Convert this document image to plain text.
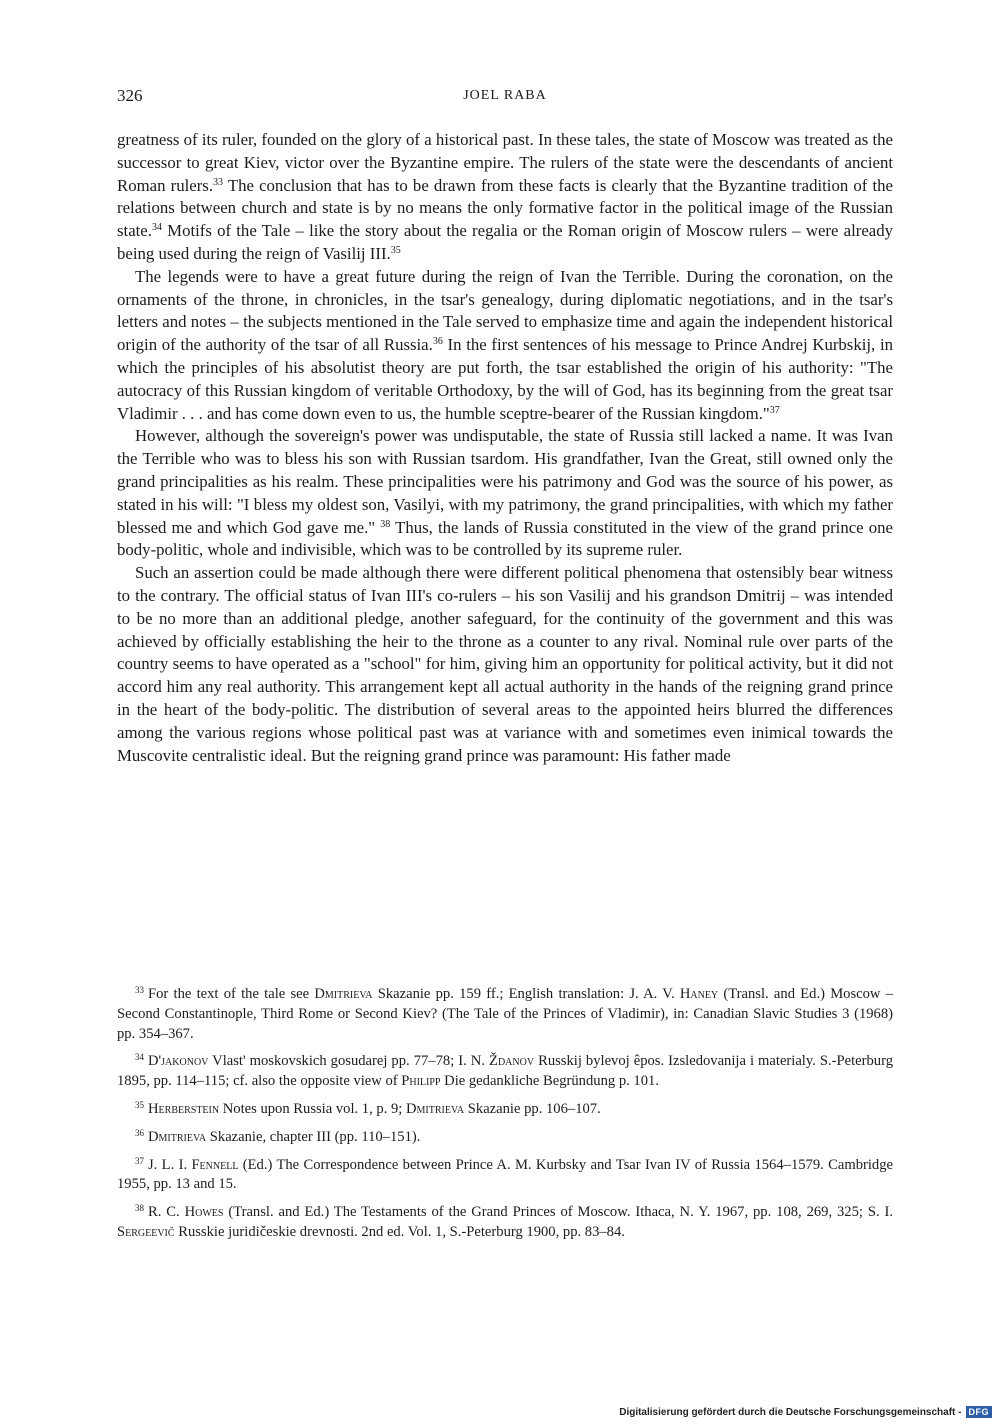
326	JOEL RABA

greatness of its ruler, founded on the glory of a historical past. In these tales, the state of Moscow was treated as the successor to great Kiev, victor over the Byzantine empire. The rulers of the state were the descendants of ancient Roman rulers.$^{33}$ The conclusion that has to be drawn from these facts is clearly that the Byzantine tradition of the relations between church and state is by no means the only formative factor in the political image of the Russian state.$^{34}$ Motifs of the Tale – like the story about the regalia or the Roman origin of Moscow rulers – were already being used during the reign of Vasilij III.$^{35}$

The legends were to have a great future during the reign of Ivan the Terrible. During the coronation, on the ornaments of the throne, in chronicles, in the tsar's genealogy, during diplomatic negotiations, and in the tsar's letters and notes – the subjects mentioned in the Tale served to emphasize time and again the independent historical origin of the authority of the tsar of all Russia.$^{36}$ In the first sentences of his message to Prince Andrej Kurbskij, in which the principles of his absolutist theory are put forth, the tsar established the origin of his authority: "The autocracy of this Russian kingdom of veritable Orthodoxy, by the will of God, has its beginning from the great tsar Vladimir . . . and has come down even to us, the humble sceptre-bearer of the Russian kingdom."$^{37}$

However, although the sovereign's power was undisputable, the state of Russia still lacked a name. It was Ivan the Terrible who was to bless his son with Russian tsardom. His grandfather, Ivan the Great, still owned only the grand principalities as his realm. These principalities were his patrimony and God was the source of his power, as stated in his will: "I bless my oldest son, Vasilyi, with my patrimony, the grand principalities, with which my father blessed me and which God gave me." $^{38}$ Thus, the lands of Russia constituted in the view of the grand prince one body-politic, whole and indivisible, which was to be controlled by its supreme ruler.

Such an assertion could be made although there were different political phenomena that ostensibly bear witness to the contrary. The official status of Ivan III's co-rulers – his son Vasilij and his grandson Dmitrij – was intended to be no more than an additional pledge, another safeguard, for the continuity of the government and this was achieved by officially establishing the heir to the throne as a counter to any rival. Nominal rule over parts of the country seems to have operated as a "school" for him, giving him an opportunity for political activity, but it did not accord him any real authority. This arrangement kept all actual authority in the hands of the reigning grand prince in the heart of the body-politic. The distribution of several areas to the appointed heirs blurred the differences among the various regions whose political past was at variance with and sometimes even inimical towards the Muscovite centralistic ideal. But the reigning grand prince was paramount: His father made

$^{33}$ For the text of the tale see Dmitrieva Skazanie pp. 159 ff.; English translation: J. A. V. Haney (Transl. and Ed.) Moscow – Second Constantinople, Third Rome or Second Kiev? (The Tale of the Princes of Vladimir), in: Canadian Slavic Studies 3 (1968) pp. 354–367.

$^{34}$ D'jakonov Vlast' moskovskich gosudarej pp. 77–78; I. N. Ždanov Russkij bylevoj êpos. Izsledovanija i materialy. S.-Peterburg 1895, pp. 114–115; cf. also the opposite view of Philipp Die gedankliche Begründung p. 101.

$^{35}$ Herberstein Notes upon Russia vol. 1, p. 9; Dmitrieva Skazanie pp. 106–107.

$^{36}$ Dmitrieva Skazanie, chapter III (pp. 110–151).

$^{37}$ J. L. I. Fennell (Ed.) The Correspondence between Prince A. M. Kurbsky and Tsar Ivan IV of Russia 1564–1579. Cambridge 1955, pp. 13 and 15.

$^{38}$ R. C. Howes (Transl. and Ed.) The Testaments of the Grand Princes of Moscow. Ithaca, N. Y. 1967, pp. 108, 269, 325; S. I. Sergeevič Russkie juridičeskie drevnosti. 2nd ed. Vol. 1, S.-Peterburg 1900, pp. 83–84.

Digitalisierung gefördert durch die Deutsche Forschungsgemeinschaft - DFG
